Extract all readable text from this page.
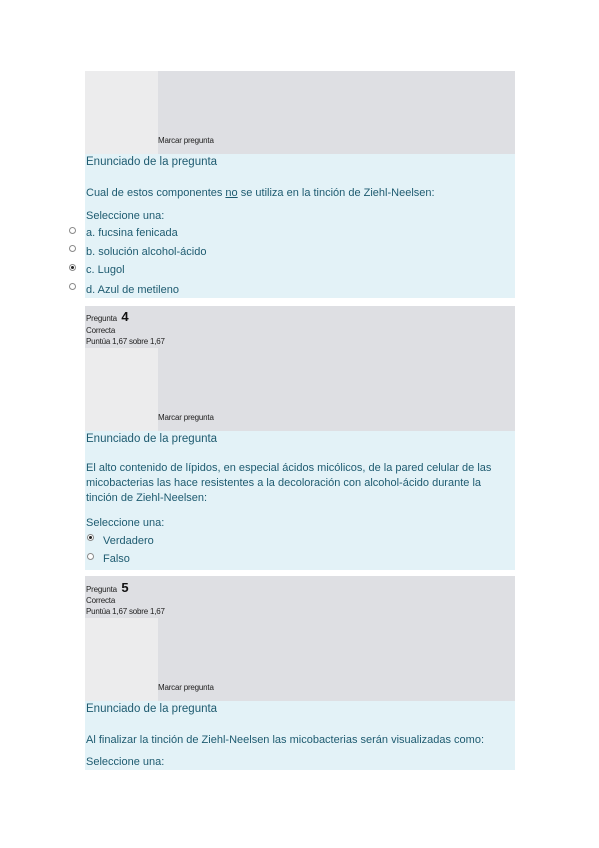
Marcar pregunta
Enunciado de la pregunta
Cual de estos componentes no se utiliza en la tinción de Ziehl-Neelsen:
Seleccione una:
a. fucsina fenicada
b. solución alcohol-ácido
c. Lugol
d. Azul de metileno
Pregunta 4
Correcta
Puntúa 1,67 sobre 1,67
Marcar pregunta
Enunciado de la pregunta
El alto contenido de lípidos, en especial ácidos micólicos, de la pared celular de las
micobacterias las hace resistentes a la decoloración con alcohol-ácido durante la
tinción de Ziehl-Neelsen:
Seleccione una:
Verdadero
Falso
Pregunta 5
Correcta
Puntúa 1,67 sobre 1,67
Marcar pregunta
Enunciado de la pregunta
Al finalizar la tinción de Ziehl-Neelsen las micobacterias serán visualizadas como:
Seleccione una:
